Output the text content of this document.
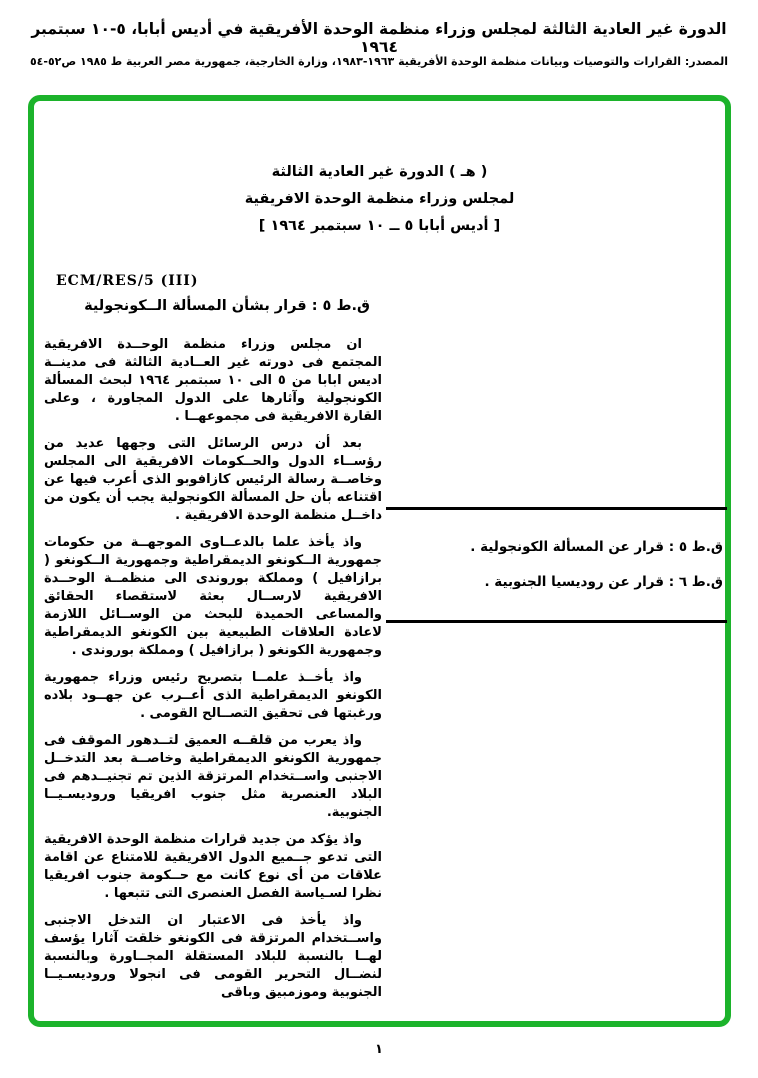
الدورة غير العادية الثالثة لمجلس وزراء منظمة الوحدة الأفريقية في أديس أبابا، ٥-١٠ سبتمبر ١٩٦٤
المصدر: القرارات والتوصيات وبيانات منظمة الوحدة الأفريقية ١٩٦٣-١٩٨٣، وزارة الخارجية، جمهورية مصر العربية ط ١٩٨٥ ص٥٢-٥٤
( هـ ) الدورة غير العادية الثالثة
لمجلس وزراء منظمة الوحدة الافريقية
[ أديس أبابا ٥ ــ ١٠ سبتمبر ١٩٦٤ ]
ECM/RES/5 (III)
ق.ط ٥ : قرار بشأن المسألة الــكونجولية

ان مجلس وزراء منظمة الوحــدة الافريقية المجتمع فى دورته غير العــادية الثالثة فى مدينــة اديس ابابا من ٥ الى ١٠ سبتمبر ١٩٦٤ لبحث المسألة الكونجولية وآثارها على الدول المجاورة ، وعلى القارة الافريقية فى مجموعهــا .

بعد أن درس الرسائل التى وجهها عديد من رؤســاء الدول والحــكومات الافريقية الى المجلس وخاصــة رسالة الرئيس كازافوبو الذى أعرب فيها عن اقتناعه بأن حل المسألة الكونجولية يجب أن يكون من داخــل منظمة الوحدة الافريقية .

واذ يأخذ علما بالدعــاوى الموجهــة من حكومات جمهورية الــكونغو الديمقراطية وجمهورية الــكونغو ( برازافيل ) ومملكة بوروندى الى منظمــة الوحــدة الافريقية لارســال بعثة لاستقصاء الحقائق والمساعى الحميدة للبحث من الوســائل اللازمة لاعادة العلاقات الطبيعية بين الكونغو الديمقراطية وجمهورية الكونغو ( برازافيل ) ومملكة بوروندى .

واذ يأخــذ علمــا بتصريح رئيس وزراء جمهورية الكونغو الديمقراطية الذى أعــرب عن جهــود بلاده ورغبتها فى تحقيق التصــالح القومى .

واذ يعرب من قلقــه العميق لتــدهور الموقف فى جمهورية الكونغو الديمقراطية وخاصــة بعد التدخــل الاجنبى واســتخدام المرتزقة الذين تم تجنيــدهم فى البلاد العنصرية مثل جنوب افريقيا وروديسـيــا الجنوبية.

واذ يؤكد من جديد قرارات منظمة الوحدة الافريقية التى تدعو جــميع الدول الافريقية للامتناع عن اقامة علاقات من أى نوع كانت مع حــكومة جنوب افريقيا نظرا لسـياسة الفصل العنصرى التى تتبعها .

واذ يأخذ فى الاعتبار ان التدخل الاجنبى واســتخدام المرتزقة فى الكونغو خلقت آثارا يؤسف لهــا بالنسبة للبلاد المستقلة المجــاورة وبالنسبة لنضــال التحرير القومى فى انجولا وروديسـيــا الجنوبية وموزمبيق وباقى

ق.ط ٥ : قرار عن المسألة الكونجولية .
ق.ط ٦ : قرار عن روديسيا الجنوبية .
١
